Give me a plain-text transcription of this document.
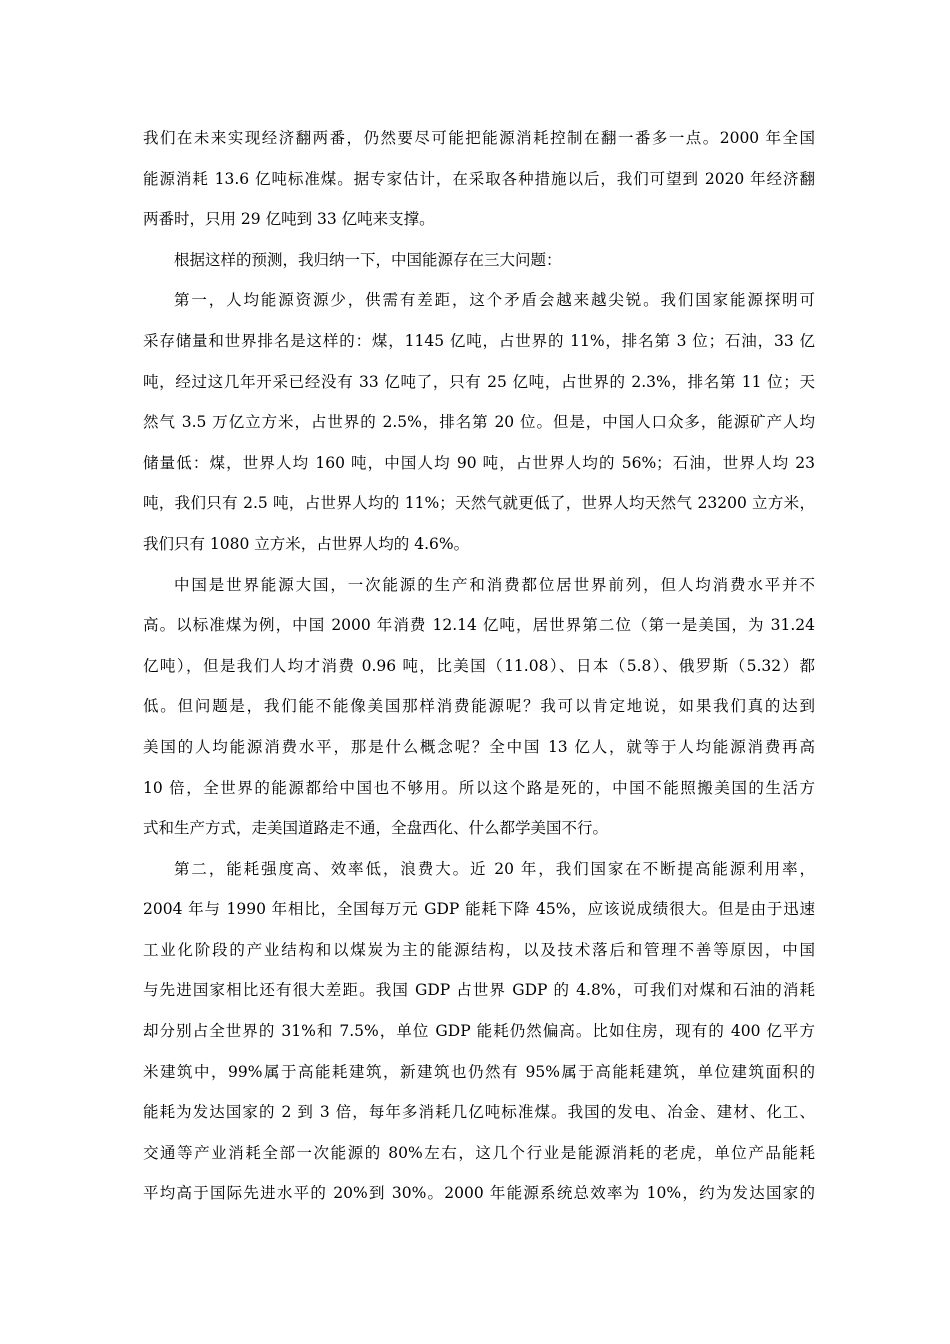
我们在未来实现经济翻两番，仍然要尽可能把能源消耗控制在翻一番多一点。2000 年全国
能源消耗 13.6 亿吨标准煤。据专家估计，在采取各种措施以后，我们可望到 2020 年经济翻
两番时，只用 29 亿吨到 33 亿吨来支撑。

根据这样的预测，我归纳一下，中国能源存在三大问题：

第一，人均能源资源少，供需有差距，这个矛盾会越来越尖锐。我们国家能源探明可
采存储量和世界排名是这样的：煤，1145 亿吨，占世界的 11%，排名第 3 位；石油，33 亿
吨，经过这几年开采已经没有 33 亿吨了，只有 25 亿吨，占世界的 2.3%，排名第 11 位；天
然气 3.5 万亿立方米，占世界的 2.5%，排名第 20 位。但是，中国人口众多，能源矿产人均
储量低：煤，世界人均 160 吨，中国人均 90 吨，占世界人均的 56%；石油，世界人均 23
吨，我们只有 2.5 吨，占世界人均的 11%；天然气就更低了，世界人均天然气 23200 立方米，
我们只有 1080 立方米，占世界人均的 4.6%。

中国是世界能源大国，一次能源的生产和消费都位居世界前列，但人均消费水平并不
高。以标准煤为例，中国 2000 年消费 12.14 亿吨，居世界第二位（第一是美国，为 31.24
亿吨），但是我们人均才消费 0.96 吨，比美国（11.08）、日本（5.8）、俄罗斯（5.32）都
低。但问题是，我们能不能像美国那样消费能源呢？我可以肯定地说，如果我们真的达到
美国的人均能源消费水平，那是什么概念呢？全中国 13 亿人，就等于人均能源消费再高
10 倍，全世界的能源都给中国也不够用。所以这个路是死的，中国不能照搬美国的生活方
式和生产方式，走美国道路走不通，全盘西化、什么都学美国不行。

第二，能耗强度高、效率低，浪费大。近 20 年，我们国家在不断提高能源利用率，
2004 年与 1990 年相比，全国每万元 GDP 能耗下降 45%，应该说成绩很大。但是由于迅速
工业化阶段的产业结构和以煤炭为主的能源结构，以及技术落后和管理不善等原因，中国
与先进国家相比还有很大差距。我国 GDP 占世界 GDP 的 4.8%，可我们对煤和石油的消耗
却分别占全世界的 31%和 7.5%，单位 GDP 能耗仍然偏高。比如住房，现有的 400 亿平方
米建筑中，99%属于高能耗建筑，新建筑也仍然有 95%属于高能耗建筑，单位建筑面积的
能耗为发达国家的 2 到 3 倍，每年多消耗几亿吨标准煤。我国的发电、冶金、建材、化工、
交通等产业消耗全部一次能源的 80%左右，这几个行业是能源消耗的老虎，单位产品能耗
平均高于国际先进水平的 20%到 30%。2000 年能源系统总效率为 10%，约为发达国家的
